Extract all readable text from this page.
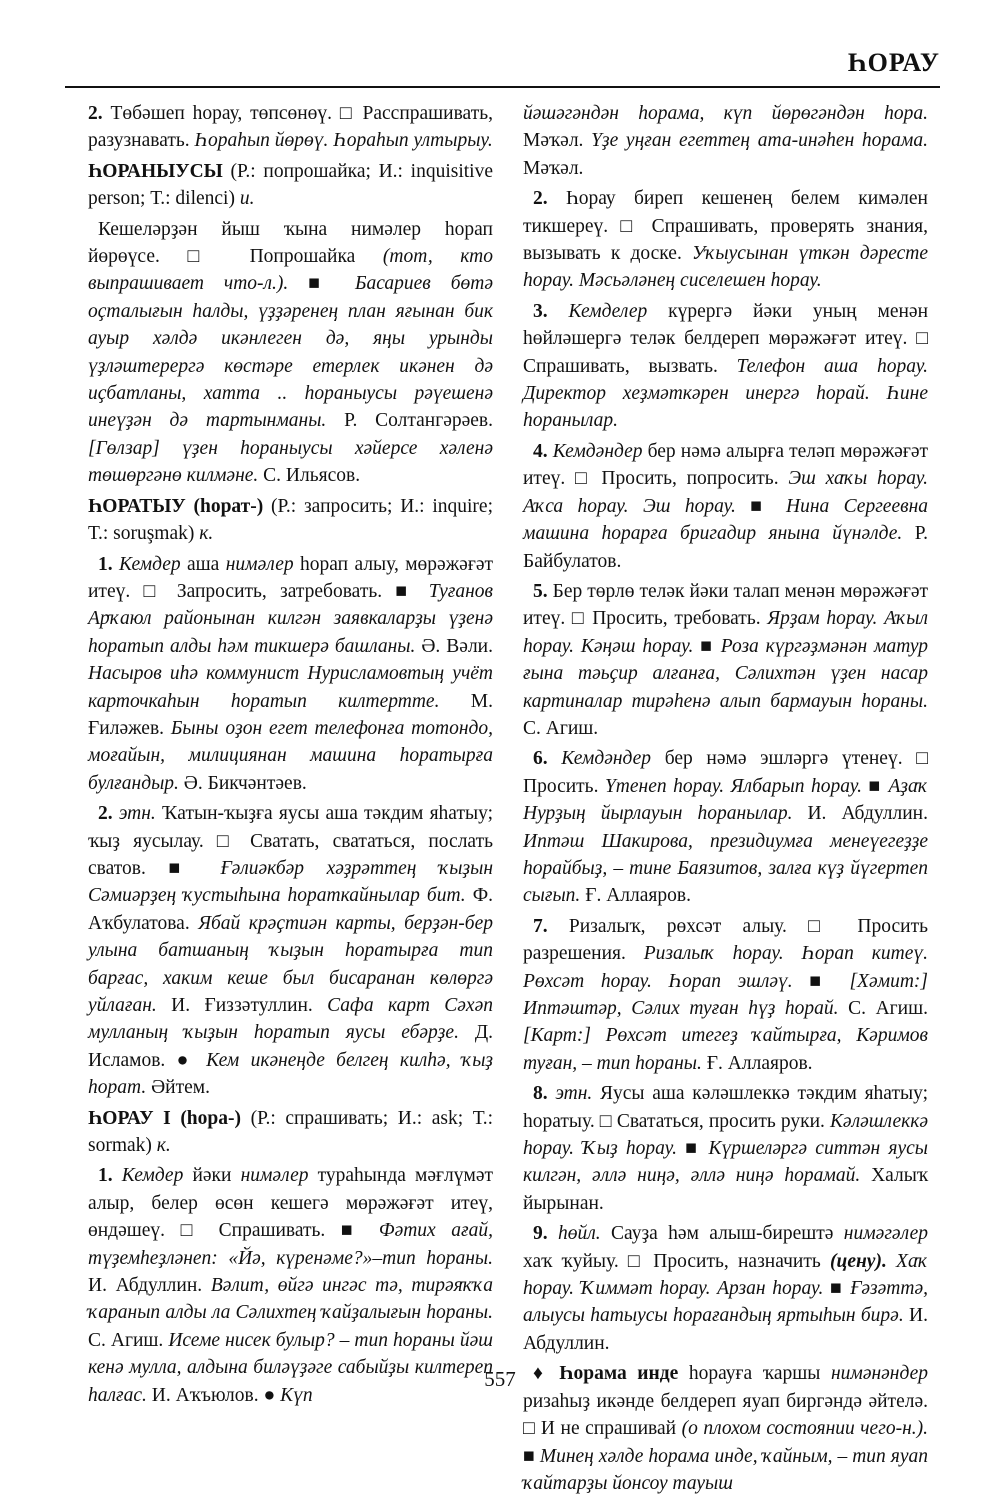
ҺОРАУ

2. Төбәшеп һорау, төпсөнөү. □ Расспрашивать, разузнавать. Һораһып йөрөү. Һораһып ултырыу.

ҺОРАНЫУСЫ (Р.: попрошайка; И.: inquisitive person; Т.: dilenci) и.

Кешеләрҙән йыш ҡына нимәлер һорап йөрөүсе. □ Попрошайка (тот, кто выпрашивает что-л.). ■ Басариев бөтә оҫталығын һалды, үҙҙәренең план яғынан бик ауыр хәлдә икәнлеген дә, яңы урынды үҙләштерергә көстәре етерлек икәнен дә иҫбатланы, хатта .. һораныусы рәүешенә инеүҙән дә тартынманы. Р. Солтангәрәев. [Гөлзар] үҙен һораныусы хәйерсе хәленә төшөргәнө килмәне. С. Ильясов.

ҺОРАТЫУ (һорат-) (Р.: запросить; И.: inquire; Т.: soruşmak) к.

1. Кемдер аша нимәлер һорап алыу, мөрәжәғәт итеү. □ Запросить, затребовать. ■ Туғанов Арҡаюл районынан килгән заявкаларҙы үҙенә һоратып алды һәм тикшерә башланы. Ә. Вәли. Насыров иһә коммунист Нурисламовтың учёт карточкаһын һоратып килтертте. М. Ғиләжев. Быны оҙон егет телефонға тотондо, моғайын, милициянан машина һоратырға булғандыр. Ә. Бикчәнтәев.

2. этн. Ҡатын-ҡыҙға яусы аша тәкдим яһатыу; ҡыҙ яусылау. □ Сватать, свататься, послать сватов. ■ Ғәлиәкбәр хәҙрәттең ҡыҙын Сәмиәрҙең ҡустыһына һораткайнылар бит. Ф. Аҡбулатова. Ябай крәҫтиән карты, берҙән-бер улына батшаның ҡыҙын һоратырға тип барғас, хаким кеше был бисаранан көлөргә уйлаған. И. Ғиззәтуллин. Сафа карт Сәхәп мулланың ҡыҙын һоратып яусы ебәрҙе. Д. Исламов. ● Кем икәнеңде белгең килһә, ҡыҙ һорат. Әйтем.

ҺОРАУ I (һора-) (Р.: спрашивать; И.: ask; Т.: sormak) к.

1. Кемдер йәки нимәлер тураһында мәғлүмәт алыр, белер өсөн кешегә мөрәжәғәт итеү, өндәшеү. □ Спрашивать. ■ Фәтих ағай, түҙемһеҙләнеп: «Йә, күренәме?»–тип һораны. И. Абдуллин. Вәлит, өйгә ингәс тә, тирәяҡҡа ҡаранып алды ла Сәлихтең ҡайҙалығын һораны. С. Агиш. Исеме нисек булыр? – тип һораны йәш кенә мулла, алдына биләүҙәге сабыйҙы килтереп һалғас. И. Аҡъюлов. ● Күп

йәшәгәндән һорама, күп йөрөгәндән һора. Мәҡәл. Үҙе уңған егеттең ата-инәһен һорама. Мәҡәл.

2. Һорау биреп кешенең белем кимәлен тикшереү. □ Спрашивать, проверять знания, вызывать к доске. Уҡыусынан үткән дәресте һорау. Мәсьәләнең сиселешен һорау.

3. Кемделер күрергә йәки уның менән һөйләшергә теләк белдереп мөрәжәғәт итеү. □ Спрашивать, вызвать. Телефон аша һорау. Директор хеҙмәткәрен инергә һорай. Һине һоранылар.

4. Кемдәндер бер нәмә алырға теләп мөрәжәғәт итеү. □ Просить, попросить. Эш хаҡы һорау. Аҡса һорау. Эш һорау. ■ Нина Сергеевна машина һорарға бригадир янына йүнәлде. Р. Байбулатов.

5. Бер төрлө теләк йәки талап менән мөрәжәғәт итеү. □ Просить, требовать. Ярҙам һорау. Аҡыл һорау. Кәңәш һорау. ■ Роза күргәҙмәнән матур ғына тәьҫир алғанға, Сәлихтән үҙен насар картиналар тирәһенә алып бармауын һораны. С. Агиш.

6. Кемдәндер бер нәмә эшләргә үтенеү. □ Просить. Үтенеп һорау. Ялбарып һорау. ■ Аҙаҡ Нурҙың йырлауын һоранылар. И. Абдуллин. Иптәш Шакирова, президиумға менеүегеҙҙе һорайбыҙ, – тине Баязитов, залға күҙ йүгертеп сығып. Ғ. Аллаяров.

7. Ризалыҡ, рөхсәт алыу. □ Просить разрешения. Ризалыҡ һорау. Һорап китеү. Рөхсәт һорау. Һорап эшләү. ■ [Хәмит:] Иптәштәр, Сәлих туған һүҙ һорай. С. Агиш. [Карт:] Рөхсәт итегеҙ ҡайтырға, Кәримов туған, – тип һораны. Ғ. Аллаяров.

8. этн. Яусы аша кәләшлеккә тәкдим яһатыу; һоратыу. □ Свататься, просить руки. Кәләшлеккә һорау. Ҡыҙ һорау. ■ Күршеләргә ситтән яусы килгән, әллә ниңә, әллә ниңә һорамай. Халыҡ йырынан.

9. һөйл. Сауҙа һәм алыш-бирештә нимәгәлер хаҡ ҡуйыу. □ Просить, назначить (цену). Хаҡ һорау. Ҡиммәт һорау. Арзан һорау. ■ Ғәзәттә, алыусы һатыусы һорағандың яртыһын бирә. И. Абдуллин.

♦ Һорама инде һорауға ҡаршы нимәнәндер ризаһыҙ икәнде белдереп яуап биргәндә әйтелә. □ И не спрашивай (о плохом состоянии чего-н.). ■ Минең хәлде һорама инде, ҡайным, – тип яуап ҡайтарҙы йонсоу тауыш

557
